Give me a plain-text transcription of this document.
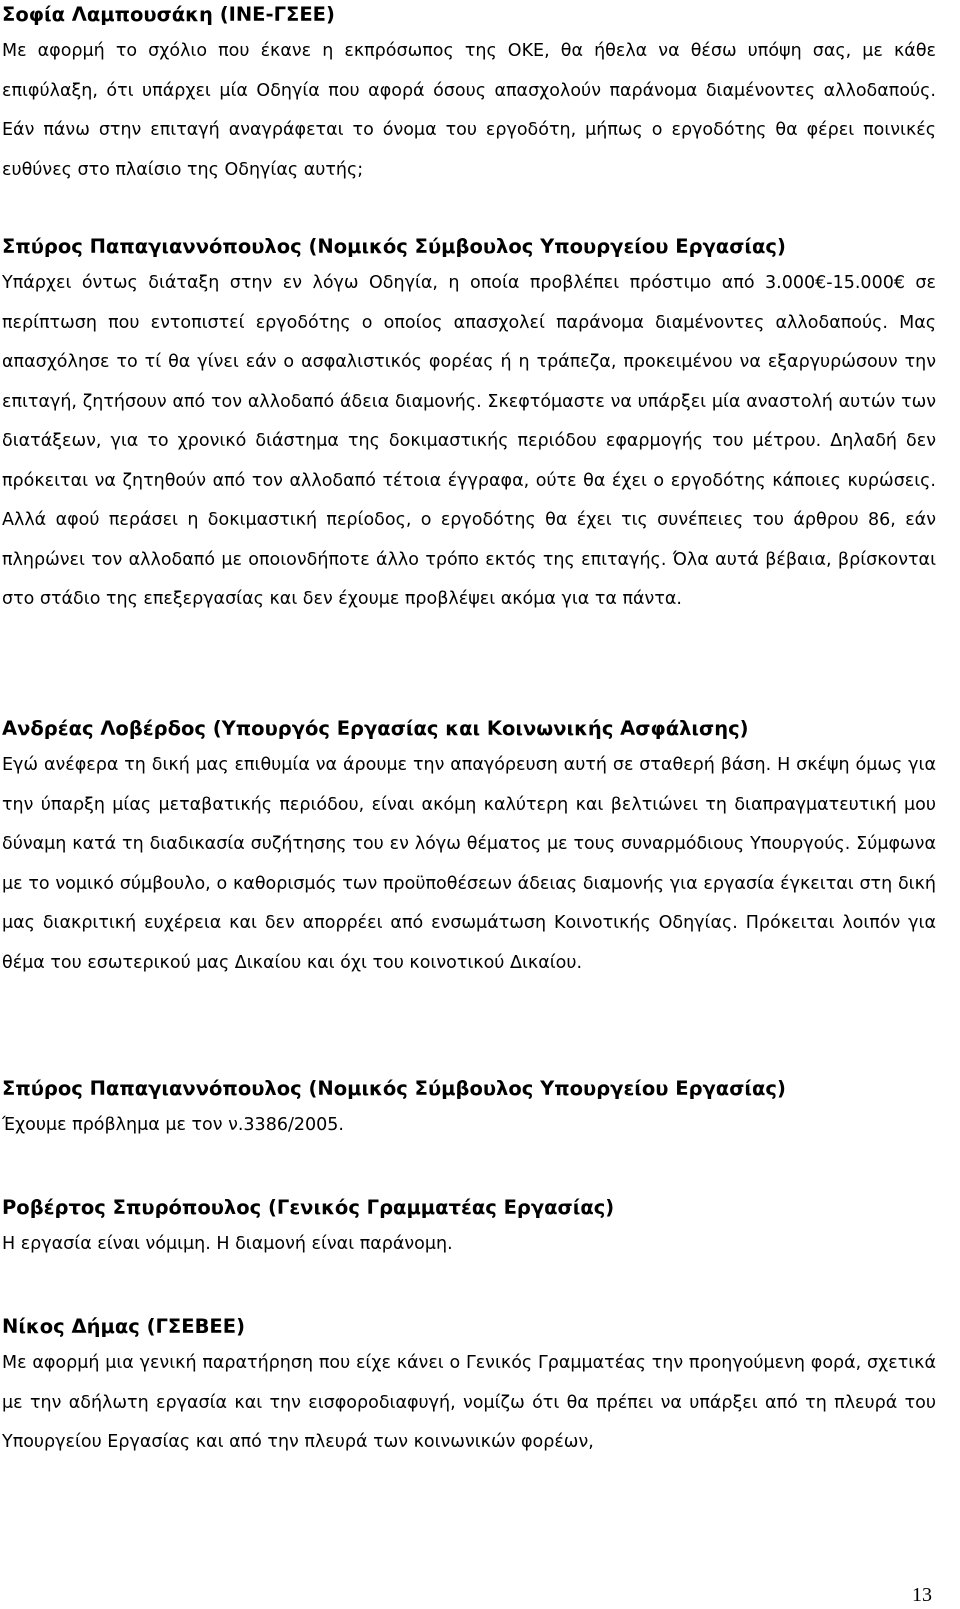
Σοφία Λαμπουσάκη (ΙΝΕ-ΓΣΕΕ)

Με αφορμή το σχόλιο που έκανε η εκπρόσωπος της ΟΚΕ, θα ήθελα να θέσω υπόψη σας, με κάθε επιφύλαξη, ότι υπάρχει μία Οδηγία που αφορά όσους απασχολούν παράνομα διαμένοντες αλλοδαπούς. Εάν πάνω στην επιταγή αναγράφεται το όνομα του εργοδότη, μήπως ο εργοδότης θα φέρει ποινικές ευθύνες στο πλαίσιο της Οδηγίας αυτής;

Σπύρος Παπαγιαννόπουλος (Νομικός Σύμβουλος Υπουργείου Εργασίας)

Υπάρχει όντως διάταξη στην εν λόγω Οδηγία, η οποία προβλέπει πρόστιμο από 3.000€-15.000€ σε περίπτωση που εντοπιστεί εργοδότης ο οποίος απασχολεί παράνομα διαμένοντες αλλοδαπούς. Μας απασχόλησε το τί θα γίνει εάν ο ασφαλιστικός φορέας ή η τράπεζα, προκειμένου να εξαργυρώσουν την επιταγή, ζητήσουν από τον αλλοδαπό άδεια διαμονής. Σκεφτόμαστε να υπάρξει μία αναστολή αυτών των διατάξεων, για το χρονικό διάστημα της δοκιμαστικής περιόδου εφαρμογής του μέτρου. Δηλαδή δεν πρόκειται να ζητηθούν από τον αλλοδαπό τέτοια έγγραφα, ούτε θα έχει ο εργοδότης κάποιες κυρώσεις. Αλλά αφού περάσει η δοκιμαστική περίοδος, ο εργοδότης θα έχει τις συνέπειες του άρθρου 86, εάν πληρώνει τον αλλοδαπό με οποιονδήποτε άλλο τρόπο εκτός της επιταγής. Όλα αυτά βέβαια, βρίσκονται στο στάδιο της επεξεργασίας και δεν έχουμε προβλέψει ακόμα για τα πάντα.

Ανδρέας Λοβέρδος (Υπουργός Εργασίας και Κοινωνικής Ασφάλισης)

Εγώ ανέφερα τη δική μας επιθυμία να άρουμε την απαγόρευση αυτή σε σταθερή βάση. Η σκέψη όμως για την ύπαρξη μίας μεταβατικής περιόδου, είναι ακόμη καλύτερη και βελτιώνει τη διαπραγματευτική μου δύναμη κατά τη διαδικασία συζήτησης του εν λόγω θέματος με τους συναρμόδιους Υπουργούς. Σύμφωνα με το νομικό σύμβουλο, ο καθορισμός των προϋποθέσεων άδειας διαμονής για εργασία έγκειται στη δική μας διακριτική ευχέρεια και δεν απορρέει από ενσωμάτωση Κοινοτικής Οδηγίας. Πρόκειται λοιπόν για θέμα του εσωτερικού μας Δικαίου και όχι του κοινοτικού Δικαίου.

Σπύρος Παπαγιαννόπουλος (Νομικός Σύμβουλος Υπουργείου Εργασίας)

Έχουμε πρόβλημα με τον ν.3386/2005.

Ροβέρτος Σπυρόπουλος (Γενικός Γραμματέας Εργασίας)

Η εργασία είναι νόμιμη. Η διαμονή είναι παράνομη.

Νίκος Δήμας (ΓΣΕΒΕΕ)

Με αφορμή μια γενική παρατήρηση που είχε κάνει ο Γενικός Γραμματέας την προηγούμενη φορά, σχετικά με την αδήλωτη εργασία και την εισφοροδιαφυγή, νομίζω ότι θα πρέπει να υπάρξει από τη πλευρά του Υπουργείου Εργασίας και από την πλευρά των κοινωνικών φορέων,

13
